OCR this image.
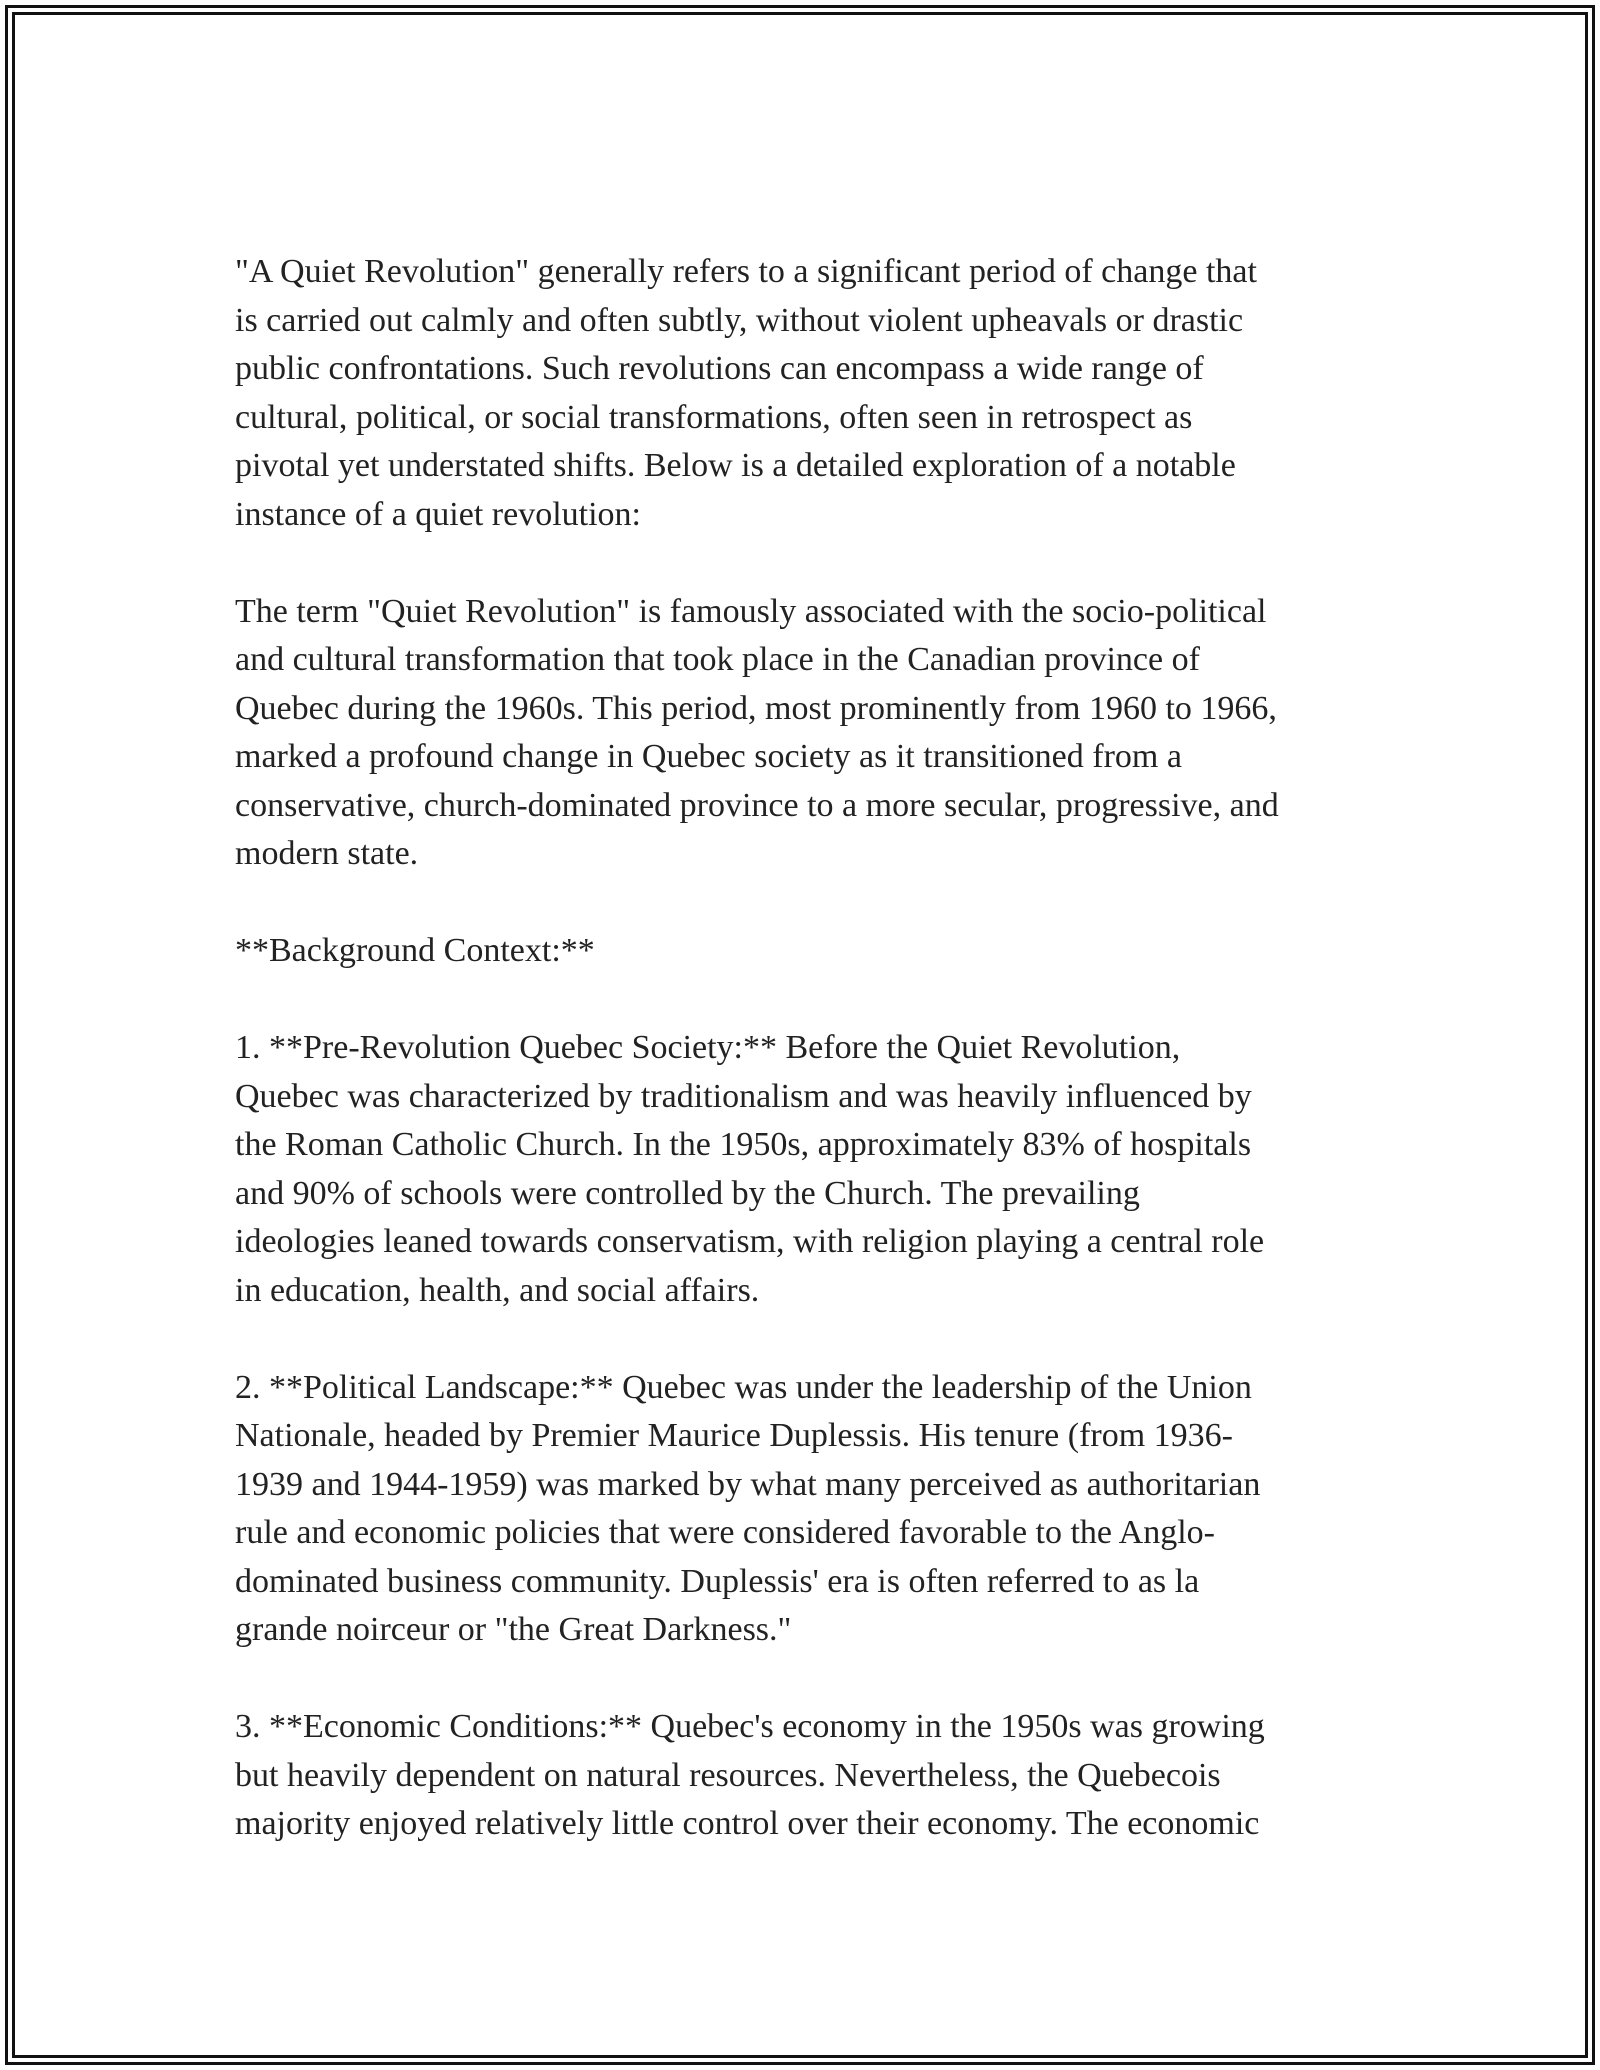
"A Quiet Revolution" generally refers to a significant period of change that
is carried out calmly and often subtly, without violent upheavals or drastic
public confrontations. Such revolutions can encompass a wide range of
cultural, political, or social transformations, often seen in retrospect as
pivotal yet understated shifts. Below is a detailed exploration of a notable
instance of a quiet revolution:

The term "Quiet Revolution" is famously associated with the socio-political
and cultural transformation that took place in the Canadian province of
Quebec during the 1960s. This period, most prominently from 1960 to 1966,
marked a profound change in Quebec society as it transitioned from a
conservative, church-dominated province to a more secular, progressive, and
modern state.

**Background Context:**

1. **Pre-Revolution Quebec Society:** Before the Quiet Revolution,
Quebec was characterized by traditionalism and was heavily influenced by
the Roman Catholic Church. In the 1950s, approximately 83% of hospitals
and 90% of schools were controlled by the Church. The prevailing
ideologies leaned towards conservatism, with religion playing a central role
in education, health, and social affairs.

2. **Political Landscape:** Quebec was under the leadership of the Union
Nationale, headed by Premier Maurice Duplessis. His tenure (from 1936-
1939 and 1944-1959) was marked by what many perceived as authoritarian
rule and economic policies that were considered favorable to the Anglo-
dominated business community. Duplessis' era is often referred to as la
grande noirceur or "the Great Darkness."

3. **Economic Conditions:** Quebec's economy in the 1950s was growing
but heavily dependent on natural resources. Nevertheless, the Quebecois
majority enjoyed relatively little control over their economy. The economic
